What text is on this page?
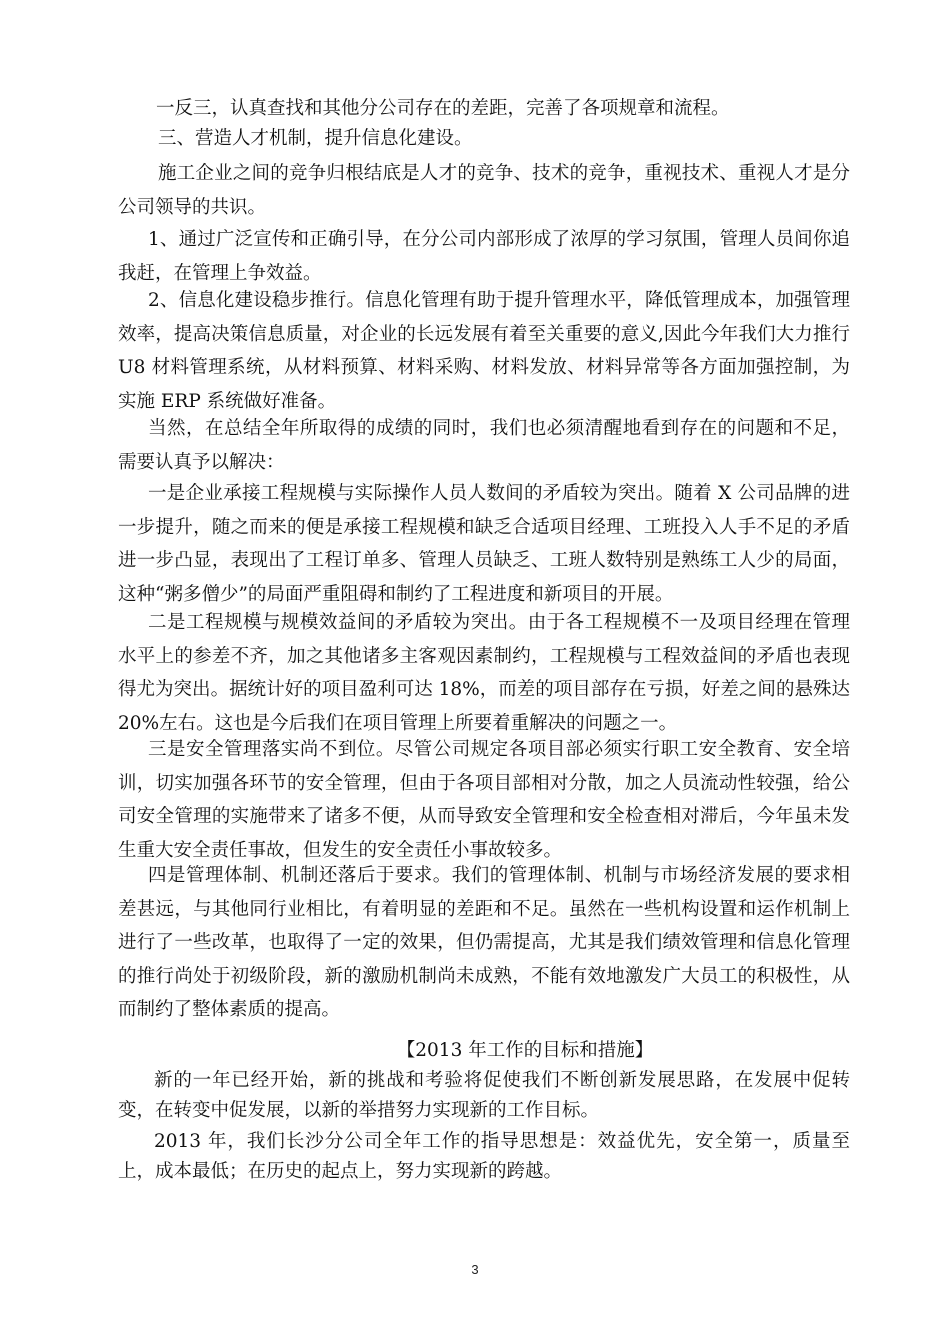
一反三，认真查找和其他分公司存在的差距，完善了各项规章和流程。

三、营造人才机制，提升信息化建设。

施工企业之间的竞争归根结底是人才的竞争、技术的竞争，重视技术、重视人才是分公司领导的共识。

1、通过广泛宣传和正确引导，在分公司内部形成了浓厚的学习氛围，管理人员间你追我赶，在管理上争效益。

2、信息化建设稳步推行。信息化管理有助于提升管理水平，降低管理成本，加强管理效率，提高决策信息质量，对企业的长远发展有着至关重要的意义,因此今年我们大力推行U8 材料管理系统，从材料预算、材料采购、材料发放、材料异常等各方面加强控制，为实施 ERP 系统做好准备。

当然，在总结全年所取得的成绩的同时，我们也必须清醒地看到存在的问题和不足，需要认真予以解决：

一是企业承接工程规模与实际操作人员人数间的矛盾较为突出。随着 X 公司品牌的进一步提升，随之而来的便是承接工程规模和缺乏合适项目经理、工班投入人手不足的矛盾进一步凸显，表现出了工程订单多、管理人员缺乏、工班人数特别是熟练工人少的局面，这种“粥多僧少”的局面严重阻碍和制约了工程进度和新项目的开展。

二是工程规模与规模效益间的矛盾较为突出。由于各工程规模不一及项目经理在管理水平上的参差不齐，加之其他诸多主客观因素制约，工程规模与工程效益间的矛盾也表现得尤为突出。据统计好的项目盈利可达 18%，而差的项目部存在亏损，好差之间的悬殊达 20%左右。这也是今后我们在项目管理上所要着重解决的问题之一。

三是安全管理落实尚不到位。尽管公司规定各项目部必须实行职工安全教育、安全培训，切实加强各环节的安全管理，但由于各项目部相对分散，加之人员流动性较强，给公司安全管理的实施带来了诸多不便，从而导致安全管理和安全检查相对滞后，今年虽未发生重大安全责任事故，但发生的安全责任小事故较多。

四是管理体制、机制还落后于要求。我们的管理体制、机制与市场经济发展的要求相差甚远，与其他同行业相比，有着明显的差距和不足。虽然在一些机构设置和运作机制上进行了一些改革，也取得了一定的效果，但仍需提高，尤其是我们绩效管理和信息化管理的推行尚处于初级阶段，新的激励机制尚未成熟，不能有效地激发广大员工的积极性，从而制约了整体素质的提高。

【2013 年工作的目标和措施】

新的一年已经开始，新的挑战和考验将促使我们不断创新发展思路，在发展中促转变，在转变中促发展，以新的举措努力实现新的工作目标。

2013 年，我们长沙分公司全年工作的指导思想是：效益优先，安全第一，质量至上，成本最低；在历史的起点上，努力实现新的跨越。

3
